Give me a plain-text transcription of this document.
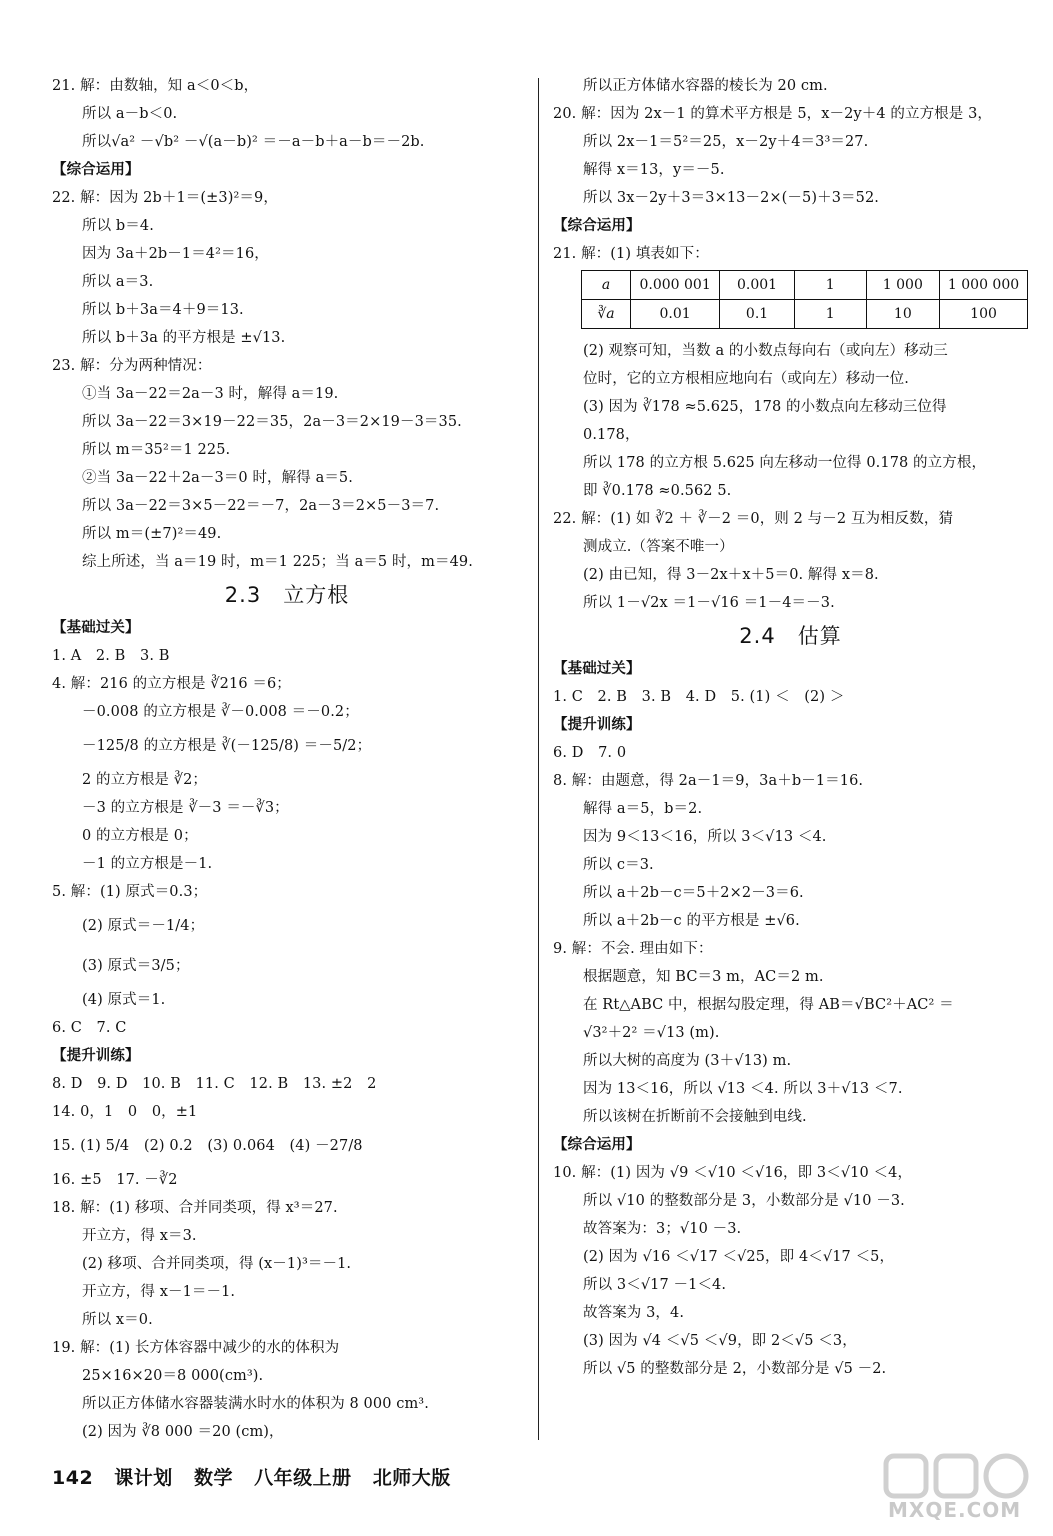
21. 解：由数轴，知 a＜0＜b，
所以 a－b＜0.
所以√a² －√b² －√(a－b)² ＝－a－b＋a－b＝－2b.
【综合运用】
22. 解：因为 2b＋1＝(±3)²＝9，
所以 b＝4.
因为 3a＋2b－1＝4²＝16，
所以 a＝3.
所以 b＋3a＝4＋9＝13.
所以 b＋3a 的平方根是 ±√13.
23. 解：分为两种情况：
①当 3a－22＝2a－3 时，解得 a＝19.
所以 3a－22＝3×19－22＝35，2a－3＝2×19－3＝35.
所以 m＝35²＝1 225.
②当 3a－22＋2a－3＝0 时，解得 a＝5.
所以 3a－22＝3×5－22＝－7，2a－3＝2×5－3＝7.
所以 m＝(±7)²＝49.
综上所述，当 a＝19 时，m＝1 225；当 a＝5 时，m＝49.
2.3　立方根
【基础过关】
1. A　2. B　3. B
4. 解：216 的立方根是 ∛216 ＝6；
－0.008 的立方根是 ∛－0.008 ＝－0.2；
－125/8 的立方根是 ∛(－125/8) ＝－5/2；
2 的立方根是 ∛2；
－3 的立方根是 ∛－3 ＝－∛3；
0 的立方根是 0；
－1 的立方根是－1.
5. 解：(1) 原式＝0.3；
(2) 原式＝－1/4；
(3) 原式＝3/5；
(4) 原式＝1.
6. C　7. C
【提升训练】
8. D　9. D　10. B　11. C　12. B　13. ±2　2
14. 0，1　0　0，±1
15. (1) 5/4　(2) 0.2　(3) 0.064　(4) －27/8
16. ±5　17. －∛2
18. 解：(1) 移项、合并同类项，得 x³＝27.
开立方，得 x＝3.
(2) 移项、合并同类项，得 (x－1)³＝－1.
开立方，得 x－1＝－1.
所以 x＝0.
19. 解：(1) 长方体容器中减少的水的体积为
25×16×20＝8 000(cm³).
所以正方体储水容器装满水时水的体积为 8 000 cm³.
(2) 因为 ∛8 000 ＝20 (cm)，
所以正方体储水容器的棱长为 20 cm.
20. 解：因为 2x－1 的算术平方根是 5，x－2y＋4 的立方根是 3，
所以 2x－1＝5²＝25，x－2y＋4＝3³＝27.
解得 x＝13，y＝－5.
所以 3x－2y＋3＝3×13－2×(－5)＋3＝52.
【综合运用】
21. 解：(1) 填表如下：
a	0.000 001	0.001	1	1 000	1 000 000
∛a	0.01	0.1	1	10	100
(2) 观察可知，当数 a 的小数点每向右（或向左）移动三
位时，它的立方根相应地向右（或向左）移动一位.
(3) 因为 ∛178 ≈5.625，178 的小数点向左移动三位得
0.178，
所以 178 的立方根 5.625 向左移动一位得 0.178 的立方根，
即 ∛0.178 ≈0.562 5.
22. 解：(1) 如 ∛2 ＋ ∛－2 ＝0，则 2 与－2 互为相反数，猜
测成立.（答案不唯一）
(2) 由已知，得 3－2x＋x＋5＝0. 解得 x＝8.
所以 1－√2x ＝1－√16 ＝1－4＝－3.
2.4　估算
【基础过关】
1. C　2. B　3. B　4. D　5. (1) ＜　(2) ＞
【提升训练】
6. D　7. 0
8. 解：由题意，得 2a－1＝9，3a＋b－1＝16.
解得 a＝5，b＝2.
因为 9＜13＜16，所以 3＜√13 ＜4.
所以 c＝3.
所以 a＋2b－c＝5＋2×2－3＝6.
所以 a＋2b－c 的平方根是 ±√6.
9. 解：不会. 理由如下：
根据题意，知 BC＝3 m，AC＝2 m.
在 Rt△ABC 中，根据勾股定理，得 AB＝√BC²＋AC² ＝
√3²＋2² ＝√13 (m).
所以大树的高度为 (3＋√13) m.
因为 13＜16，所以 √13 ＜4. 所以 3＋√13 ＜7.
所以该树在折断前不会接触到电线.
【综合运用】
10. 解：(1) 因为 √9 ＜√10 ＜√16，即 3＜√10 ＜4，
所以 √10 的整数部分是 3，小数部分是 √10 －3.
故答案为：3；√10 －3.
(2) 因为 √16 ＜√17 ＜√25，即 4＜√17 ＜5，
所以 3＜√17 －1＜4.
故答案为 3，4.
(3) 因为 √4 ＜√5 ＜√9，即 2＜√5 ＜3，
所以 √5 的整数部分是 2，小数部分是 √5 －2.
142 课计划 数学 八年级上册 北师大版
MXQE.COM
